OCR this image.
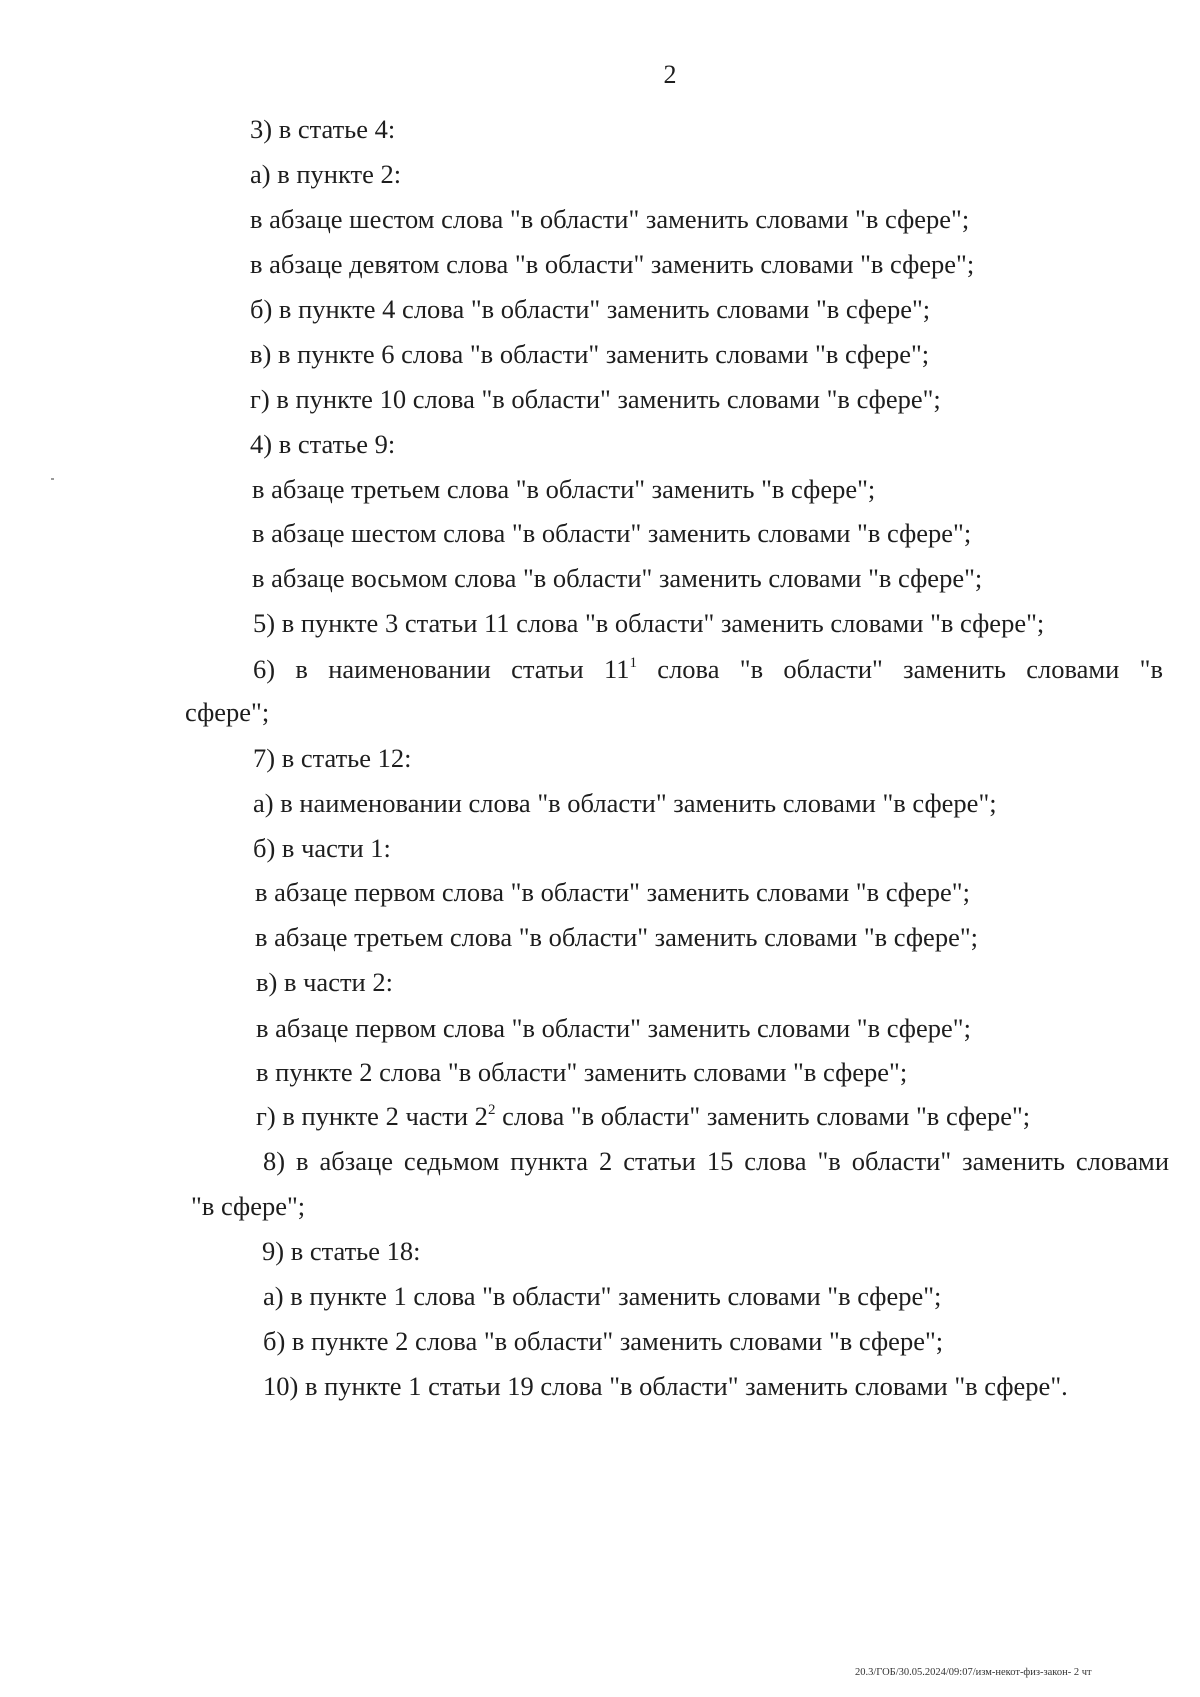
2
3) в статье 4:
а) в пункте 2:
в абзаце шестом слова "в области" заменить словами "в сфере";
в абзаце девятом слова "в области" заменить словами "в сфере";
б) в пункте 4 слова "в области" заменить словами "в сфере";
в) в пункте 6 слова "в области" заменить словами "в сфере";
г) в пункте 10 слова "в области" заменить словами "в сфере";
4) в статье 9:
в абзаце третьем слова "в области" заменить "в сфере";
в абзаце шестом слова "в области" заменить словами "в сфере";
в абзаце восьмом слова "в области" заменить словами "в сфере";
5) в пункте 3 статьи 11 слова "в области" заменить словами "в сфере";
6) в наименовании статьи $11^1$ слова "в области" заменить словами "в
сфере";
7) в статье 12:
а) в наименовании слова "в области" заменить словами "в сфере";
б) в части 1:
в абзаце первом слова "в области" заменить словами "в сфере";
в абзаце третьем слова "в области" заменить словами "в сфере";
в) в части 2:
в абзаце первом слова "в области" заменить словами "в сфере";
в пункте 2 слова "в области" заменить словами "в сфере";
г) в пункте 2 части $2^2$ слова "в области" заменить словами "в сфере";
8) в абзаце седьмом пункта 2 статьи 15 слова "в области" заменить словами
"в сфере";
9) в статье 18:
а) в пункте 1 слова "в области" заменить словами "в сфере";
б) в пункте 2 слова "в области" заменить словами "в сфере";
10) в пункте 1 статьи 19 слова "в области" заменить словами "в сфере".
20.3/ГОБ/30.05.2024/09:07/изм-некот-физ-закон- 2 чт
